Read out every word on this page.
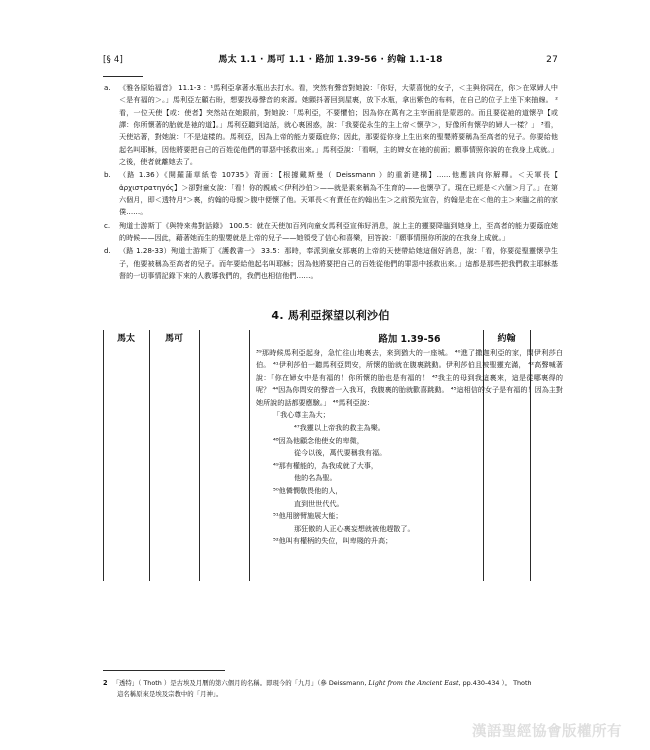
[§ 4]	馬太 1.1 · 馬可 1.1 · 路加 1.39-56 · 約翰 1.1-18	27
a.	《雅各原始福音》 11.1-3 ：¹馬利亞拿著水瓶出去打水。看，突然有聲音對她說：「你好，大蒙喜悅的女子，＜主與你同在，你＞在眾婦人中＜是有福的＞。」馬利亞左顧右盼，想要找尋聲音的來源。她顫抖著回到屋裏，放下水瓶，拿出紫色的布料，在自己的位子上坐下來抽線。 ²看，一位天使【或：使者】突然站在她跟前，對她說：「馬利亞，不要懼怕；因為你在萬有之主宰面前是蒙恩的。而且要從祂的道懷孕【或譯：你所懷著的胎就是祂的道】。」馬利亞聽到這話，就心裏困惑，說：「我要從永生的主上帝＜懷孕＞，好像所有懷孕的婦人一樣？」 ³看，天使站著，對她說：「不是這樣的。馬利亞，因為上帝的能力要蔭庇你；因此，那要從你身上生出來的聖嬰將要稱為至高者的兒子。你要給他起名叫耶穌，因他將要把自己的百姓從他們的罪惡中拯救出來。」馬利亞說：「看啊，主的婢女在祂的前面；願事情照你說的在我身上成就。」之後，使者就離她去了。
b.	（路 1.36）《開羅蒲草紙卷 10735》背面：【根據戴斯曼（ Deissmann ）的重新建構】……他應該向你解釋。＜天軍長【 ἀρχιστρατηγός】＞卻對童女說：「看！你的親戚＜伊利沙伯＞——就是素來稱為不生育的——也懷孕了。現在已經是＜六個＞月了。」在第六個月，即＜透特月²＞裏，約翰的母親＞腹中便懷了他。天軍長＜有責任在約翰出生＞之前預先宣告，約翰是走在＜他的主＞來臨之前的家僕……。
c.	殉道士游斯丁《與特來弗對話錄》 100.5：就在天使加百列向童女馬利亞宣佈好消息，說上主的靈要降臨到她身上，至高者的能力要蔭庇她的時候——因此，藉著她而生的聖嬰就是上帝的兒子——她領受了信心和喜樂，回答說：「願事情照你所說的在我身上成就。」
d.	（路 1.28-33）殉道士游斯丁《護教書一》 33.5：那時，奉派到童女那裏的上帝的天使帶給她這個好消息，說：「看，你要從聖靈懷孕生子，他要被稱為至高者的兒子。而年要給他起名叫耶穌；因為他將要把自己的百姓從他們的罪惡中拯救出來。」這都是那些把我們救主耶穌基督的一切事情記錄下來的人教導我們的，我們也相信他們……。
4. 馬利亞探望以利沙伯
馬太	馬可	路加 1.39-56	約翰

³⁹那時候馬利亞起身，急忙往山地裏去，來到猶大的一座城。 ⁴⁰進了撒迦利亞的家，問伊利莎白伯。 ⁴¹伊利莎伯一聽馬利亞問安，所懷的胎就在腹裏跳動。伊利莎伯且被聖靈充滿， ⁴²高聲喊著說：「你在婦女中是有福的！你所懷的胎也是有福的！ ⁴³我主的母到我這裏來，這是從哪裏得的呢？ ⁴⁴因為你問安的聲音一入我耳，我腹裏的胎就歡喜跳動。 ⁴⁵這相信的女子是有福的！因為主對她所說的話都要應驗。」 ⁴⁶馬利亞說：

「我心尊主為大；
⁴⁷我靈以上帝我的救主為樂。
⁴⁸因為他顧念他使女的卑微，
從今以後，萬代要稱我有福。
⁴⁹那有權能的，為我成就了大事，
他的名為聖。
⁵⁰他憐憫敬畏他的人，
直到世世代代。
⁵¹他用膀臂施展大能；
那狂傲的人正心裏妄想就被他趕散了。
⁵²他叫有權柄的失位，叫卑賤的升高；
2 「透特」（ Thoth ）是古埃及月曆的第六個月的名稱。即現今的「九月」（參 Deissmann, Light from the Ancient East, pp.430-434 ）。 Thoth
這名稱原來是埃及宗教中的「月神」。
漢語聖經協會版權所有
